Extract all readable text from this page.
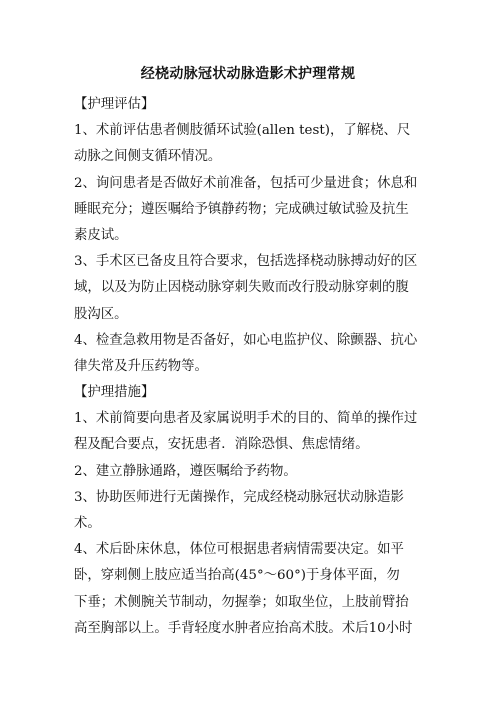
经桡动脉冠状动脉造影术护理常规
【护理评估】
1、术前评估患者侧肢循环试验(allen test)，了解桡、尺
动脉之间侧支循环情况。
2、询问患者是否做好术前准备，包括可少量进食；休息和
睡眠充分；遵医嘱给予镇静药物；完成碘过敏试验及抗生
素皮试。
3、手术区已备皮且符合要求，包括选择桡动脉搏动好的区
域，以及为防止因桡动脉穿刺失败而改行股动脉穿刺的腹
股沟区。
4、检查急救用物是否备好，如心电监护仪、除颤器、抗心
律失常及升压药物等。
【护理措施】
1、术前简要向患者及家属说明手术的目的、简单的操作过
程及配合要点，安抚患者．消除恐惧、焦虑情绪。
2、建立静脉通路，遵医嘱给予药物。
3、协助医师进行无菌操作，完成经桡动脉冠状动脉造影
术。
4、术后卧床休息，体位可根据患者病情需要决定。如平
卧，穿刺侧上肢应适当抬高(45°～60°)于身体平面，勿
下垂；术侧腕关节制动，勿握拳；如取坐位，上肢前臂抬
高至胸部以上。手背轻度水肿者应抬高术肢。术后10小时
